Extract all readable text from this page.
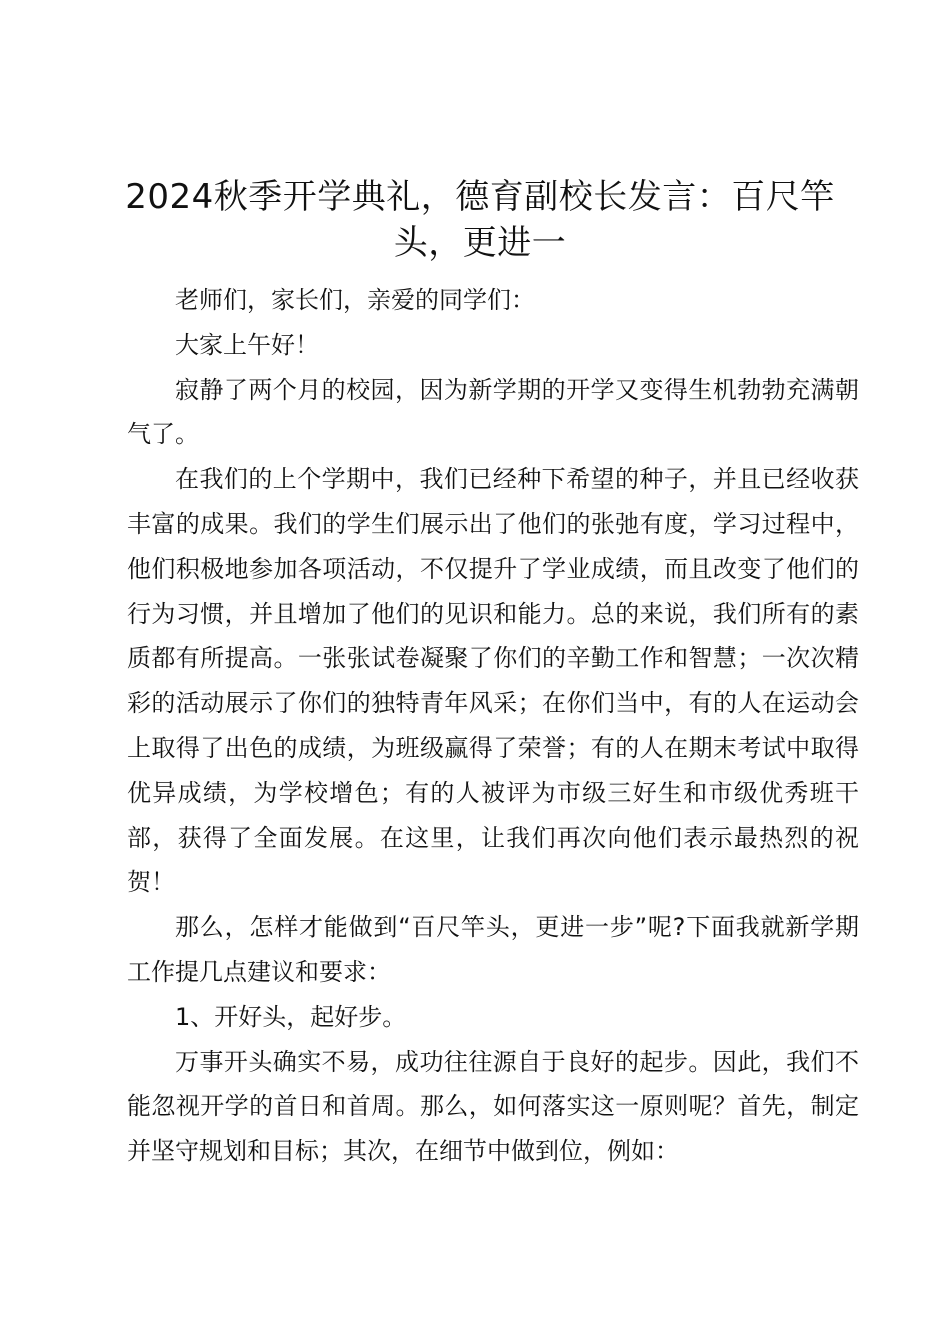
2024秋季开学典礼，德育副校长发言：百尺竿头，更进一

老师们，家长们，亲爱的同学们：

大家上午好！

寂静了两个月的校园，因为新学期的开学又变得生机勃勃充满朝气了。

在我们的上个学期中，我们已经种下希望的种子，并且已经收获丰富的成果。我们的学生们展示出了他们的张弛有度，学习过程中，他们积极地参加各项活动，不仅提升了学业成绩，而且改变了他们的行为习惯，并且增加了他们的见识和能力。总的来说，我们所有的素质都有所提高。一张张试卷凝聚了你们的辛勤工作和智慧；一次次精彩的活动展示了你们的独特青年风采；在你们当中，有的人在运动会上取得了出色的成绩，为班级赢得了荣誉；有的人在期末考试中取得优异成绩，为学校增色；有的人被评为市级三好生和市级优秀班干部，获得了全面发展。在这里，让我们再次向他们表示最热烈的祝贺！

那么，怎样才能做到“百尺竿头，更进一步”呢?下面我就新学期工作提几点建议和要求：

1、开好头，起好步。

万事开头确实不易，成功往往源自于良好的起步。因此，我们不能忽视开学的首日和首周。那么，如何落实这一原则呢？首先，制定并坚守规划和目标；其次，在细节中做到位，例如：
